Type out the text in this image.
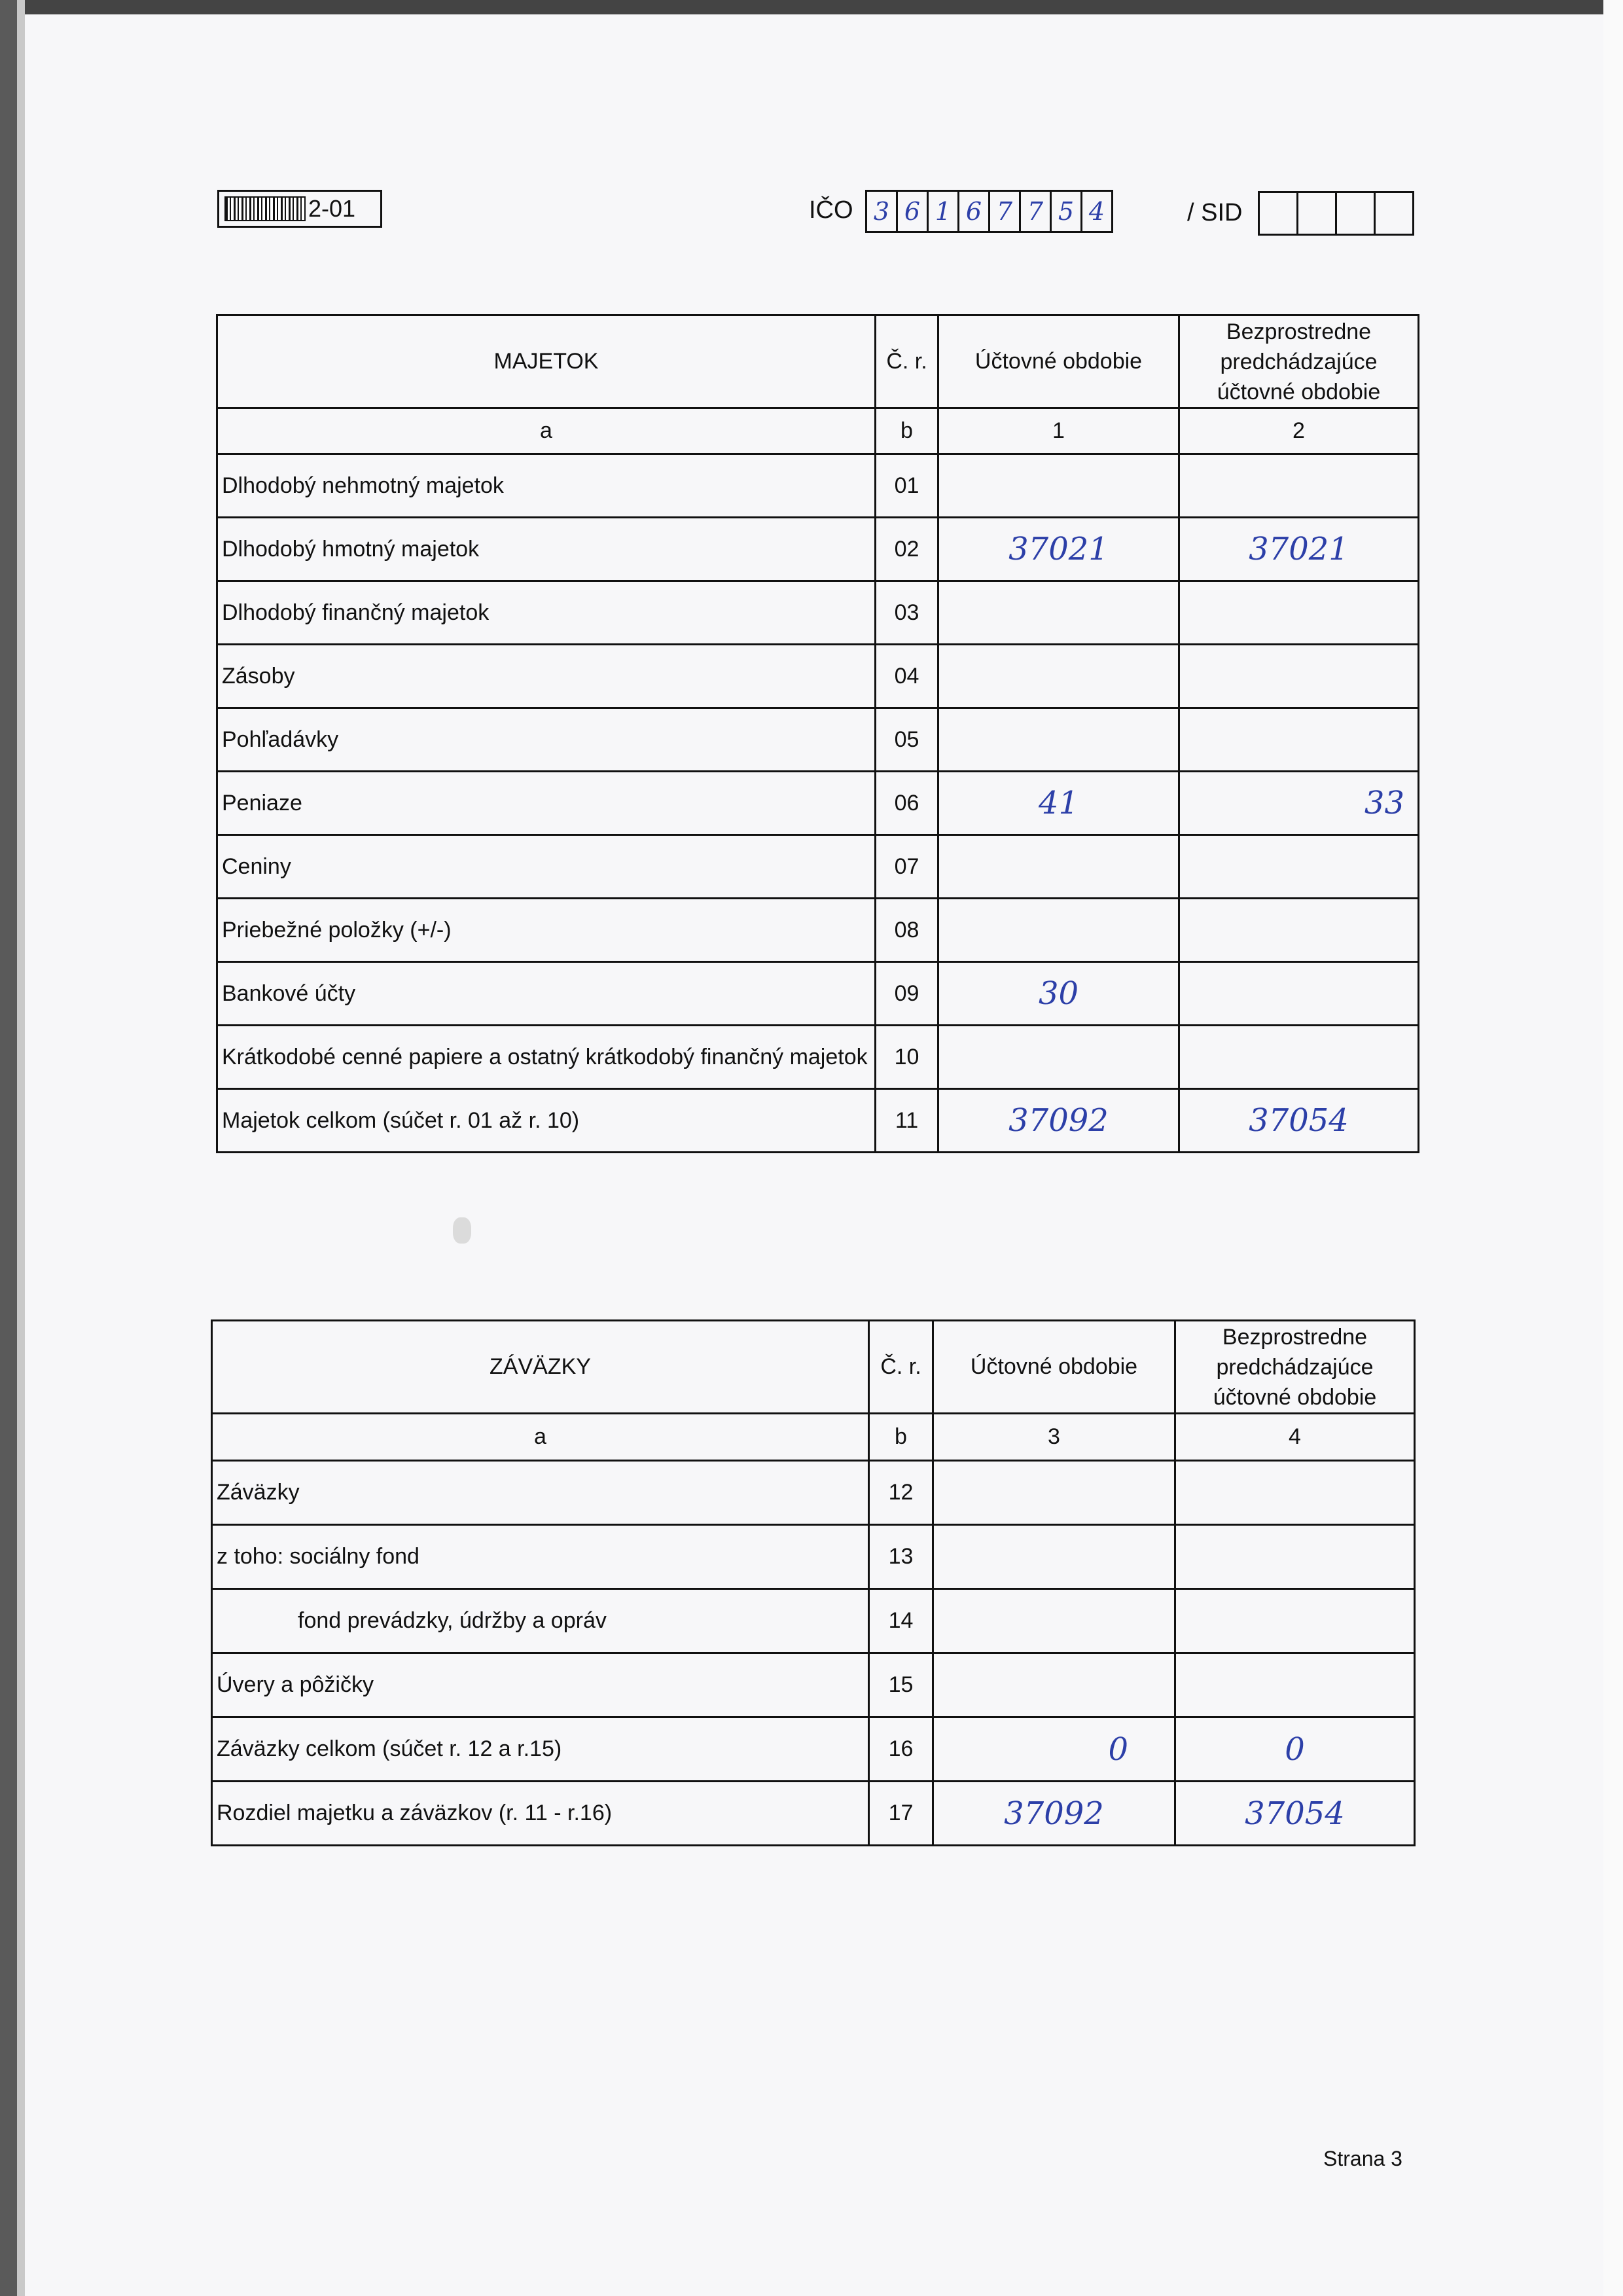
2-01	IČO 3 6 1 6 7 7 5 4	/ SID
MAJETOK	Č. r.	Účtovné obdobie	Bezprostredne predchádzajúce účtovné obdobie
a	b	1	2
Dlhodobý nehmotný majetok	01		
Dlhodobý hmotný majetok	02	37021	37021
Dlhodobý finančný majetok	03		
Zásoby	04		
Pohľadávky	05		
Peniaze	06	41	33
Ceniny	07		
Priebežné položky (+/-)	08		
Bankové účty	09	30	
Krátkodobé cenné papiere a ostatný krátkodobý finančný majetok	10		
Majetok celkom (súčet r. 01 až r. 10)	11	37092	37054
ZÁVÄZKY	Č. r.	Účtovné obdobie	Bezprostredne predchádzajúce účtovné obdobie
a	b	3	4
Záväzky	12		
z toho: sociálny fond	13		
fond prevádzky, údržby a opráv	14		
Úvery a pôžičky	15		
Záväzky celkom (súčet r. 12 a r.15)	16	0	0
Rozdiel majetku a záväzkov (r. 11 - r.16)	17	37092	37054
Strana 3
